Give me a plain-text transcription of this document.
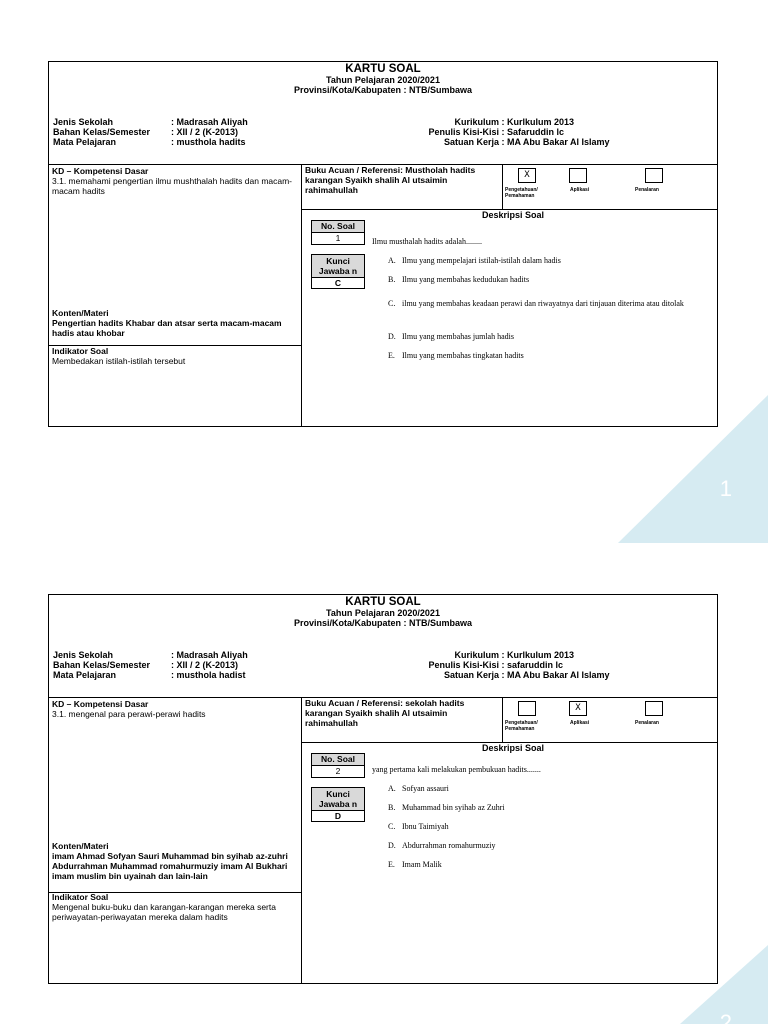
KARTU SOAL
Tahun Pelajaran 2020/2021
Provinsi/Kota/Kabupaten : NTB/Sumbawa
Jenis Sekolah	: Madrasah Aliyah
Bahan Kelas/Semester : XII / 2 (K-2013)
Mata Pelajaran	: musthola hadits
Kurikulum : Kurlkulum 2013
Penulis Kisi-Kisi : Safaruddin lc
Satuan Kerja : MA Abu Bakar Al Islamy
KD – Kompetensi Dasar
3.1. memahami pengertian ilmu mushthalah hadits dan macam-macam hadits
Konten/Materi
Pengertian hadits Khabar dan atsar serta macam-macam hadis atau khobar
Indikator Soal
Membedakan istilah-istilah tersebut
Buku Acuan / Referensi: Mustholah hadits karangan Syaikh shalih Al utsaimin rahimahullah
X
Pengetahuan/ Pemahaman
Aplikasi	Penalaran
Deskripsi Soal
No. Soal
1
Kunci Jawaba n
C
Ilmu musthalah hadits adalah........
A. Ilmu yang mempelajari istilah-istilah dalam hadis
B. Ilmu yang membahas kedudukan hadits
C. ilmu yang membahas keadaan perawi dan riwayatnya dari tinjauan diterima atau ditolak
D. Ilmu yang membahas jumlah hadis
E. Ilmu yang membahas tingkatan hadits
KARTU SOAL
Tahun Pelajaran 2020/2021
Provinsi/Kota/Kabupaten : NTB/Sumbawa
Jenis Sekolah	: Madrasah Aliyah
Bahan Kelas/Semester : XII / 2 (K-2013)
Mata Pelajaran	: musthola hadist
Kurikulum : Kurlkulum 2013
Penulis Kisi-Kisi : safaruddin lc
Satuan Kerja : MA Abu Bakar Al Islamy
KD – Kompetensi Dasar
3.1. mengenal para perawi-perawi hadits
Konten/Materi
imam Ahmad Sofyan Sauri Muhammad bin syihab az-zuhri Abdurrahman Muhammad romahurmuziy imam Al Bukhari imam muslim bin uyainah dan lain-lain
Indikator Soal
Mengenal buku-buku dan karangan-karangan mereka serta periwayatan-periwayatan mereka dalam hadits
Buku Acuan / Referensi: sekolah hadits karangan Syaikh shalih Al utsaimin rahimahullah
X
Pengetahuan/ Pemahaman
Aplikasi	Penalaran
Deskripsi Soal
No. Soal
2
Kunci Jawaba n
D
yang pertama kali melakukan pembukuan hadits.......
A. Sofyan assauri
B. Muhammad bin syihab az Zuhri
C. Ibnu Taimiyah
D. Abdurrahman romahurmuziy
E. Imam Malik
1
2
